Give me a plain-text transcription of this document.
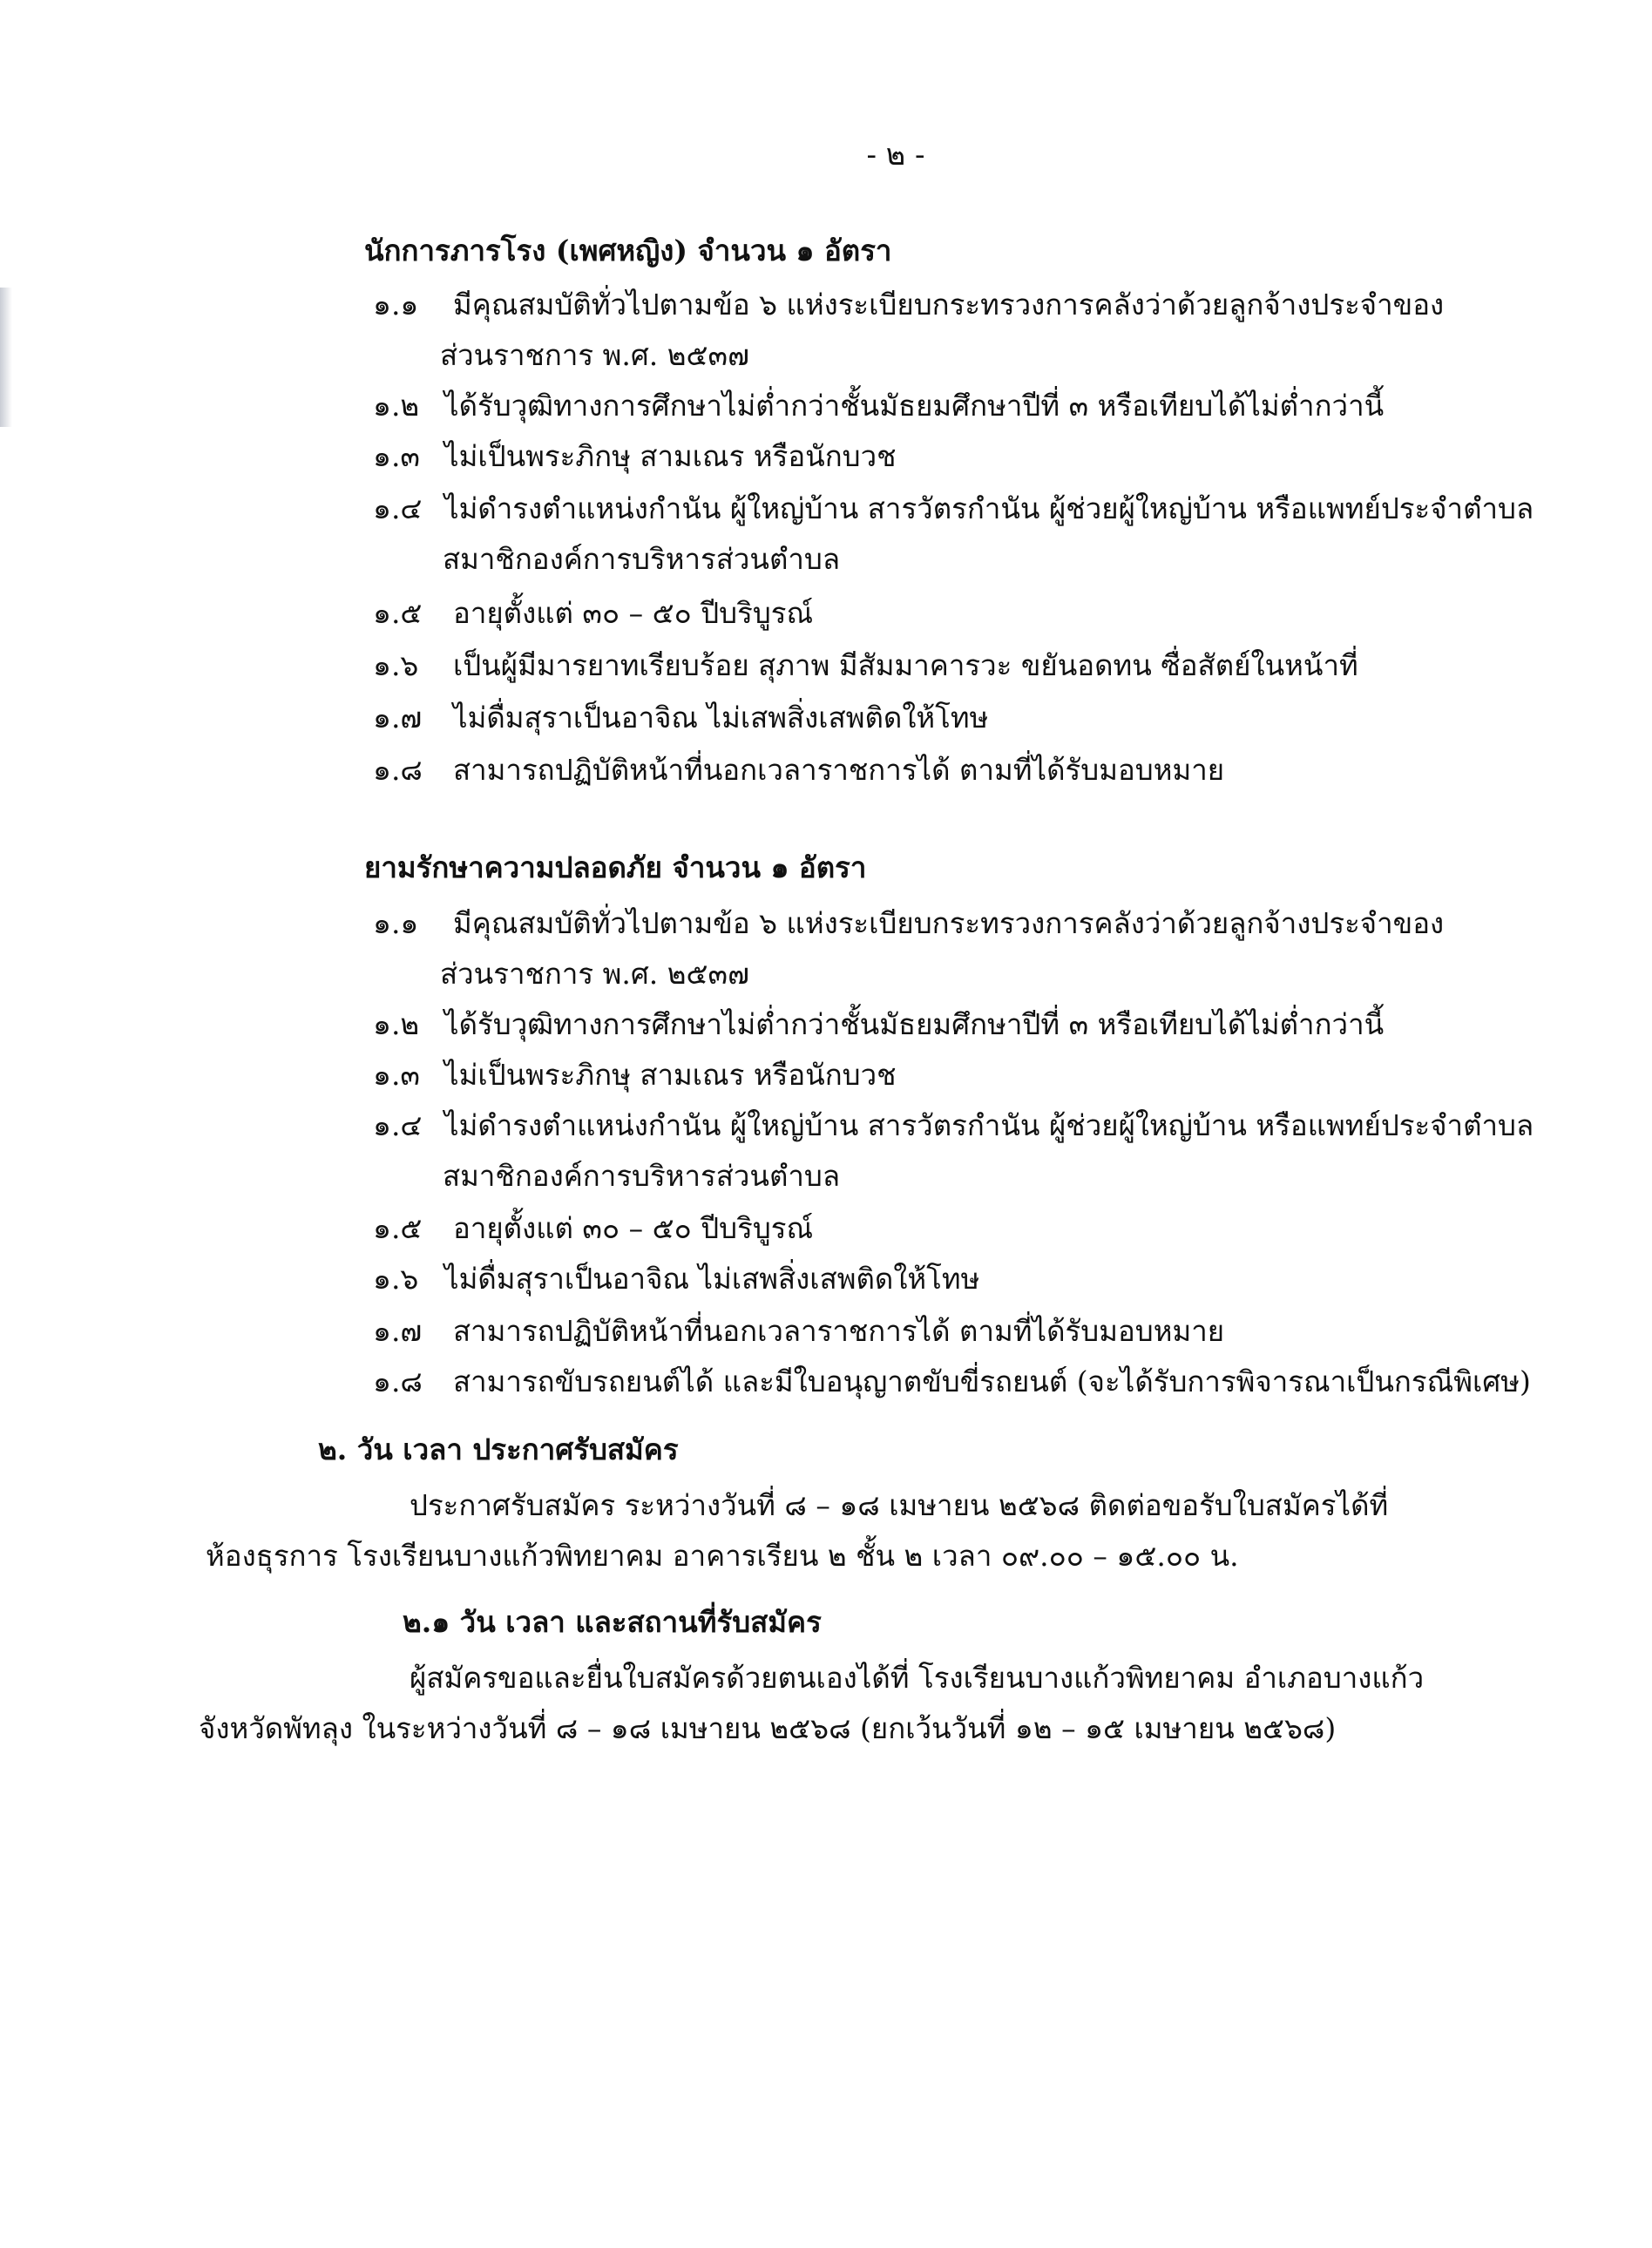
- ๒ -
นักการภารโรง (เพศหญิง) จำนวน ๑ อัตรา
๑.๑ มีคุณสมบัติทั่วไปตามข้อ ๖ แห่งระเบียบกระทรวงการคลังว่าด้วยลูกจ้างประจำของ
ส่วนราชการ พ.ศ. ๒๕๓๗
๑.๒ ได้รับวุฒิทางการศึกษาไม่ต่ำกว่าชั้นมัธยมศึกษาปีที่ ๓ หรือเทียบได้ไม่ต่ำกว่านี้
๑.๓ ไม่เป็นพระภิกษุ สามเณร หรือนักบวช
๑.๔ ไม่ดำรงตำแหน่งกำนัน ผู้ใหญ่บ้าน สารวัตรกำนัน ผู้ช่วยผู้ใหญ่บ้าน หรือแพทย์ประจำตำบล
สมาชิกองค์การบริหารส่วนตำบล
๑.๕ อายุตั้งแต่ ๓๐ – ๕๐ ปีบริบูรณ์
๑.๖ เป็นผู้มีมารยาทเรียบร้อย สุภาพ มีสัมมาคารวะ ขยันอดทน ซื่อสัตย์ในหน้าที่
๑.๗ ไม่ดื่มสุราเป็นอาจิณ ไม่เสพสิ่งเสพติดให้โทษ
๑.๘ สามารถปฏิบัติหน้าที่นอกเวลาราชการได้ ตามที่ได้รับมอบหมาย
ยามรักษาความปลอดภัย จำนวน ๑ อัตรา
๑.๑ มีคุณสมบัติทั่วไปตามข้อ ๖ แห่งระเบียบกระทรวงการคลังว่าด้วยลูกจ้างประจำของ
ส่วนราชการ พ.ศ. ๒๕๓๗
๑.๒ ได้รับวุฒิทางการศึกษาไม่ต่ำกว่าชั้นมัธยมศึกษาปีที่ ๓ หรือเทียบได้ไม่ต่ำกว่านี้
๑.๓ ไม่เป็นพระภิกษุ สามเณร หรือนักบวช
๑.๔ ไม่ดำรงตำแหน่งกำนัน ผู้ใหญ่บ้าน สารวัตรกำนัน ผู้ช่วยผู้ใหญ่บ้าน หรือแพทย์ประจำตำบล
สมาชิกองค์การบริหารส่วนตำบล
๑.๕ อายุตั้งแต่ ๓๐ – ๕๐ ปีบริบูรณ์
๑.๖ ไม่ดื่มสุราเป็นอาจิณ ไม่เสพสิ่งเสพติดให้โทษ
๑.๗ สามารถปฏิบัติหน้าที่นอกเวลาราชการได้ ตามที่ได้รับมอบหมาย
๑.๘ สามารถขับรถยนต์ได้ และมีใบอนุญาตขับขี่รถยนต์ (จะได้รับการพิจารณาเป็นกรณีพิเศษ)
๒. วัน เวลา ประกาศรับสมัคร
ประกาศรับสมัคร ระหว่างวันที่ ๘ – ๑๘ เมษายน ๒๕๖๘ ติดต่อขอรับใบสมัครได้ที่
ห้องธุรการ โรงเรียนบางแก้วพิทยาคม อาคารเรียน ๒ ชั้น ๒ เวลา ๐๙.๐๐ – ๑๕.๐๐ น.
๒.๑ วัน เวลา และสถานที่รับสมัคร
ผู้สมัครขอและยื่นใบสมัครด้วยตนเองได้ที่ โรงเรียนบางแก้วพิทยาคม อำเภอบางแก้ว
จังหวัดพัทลุง ในระหว่างวันที่ ๘ – ๑๘ เมษายน ๒๕๖๘ (ยกเว้นวันที่ ๑๒ – ๑๕ เมษายน ๒๕๖๘)
